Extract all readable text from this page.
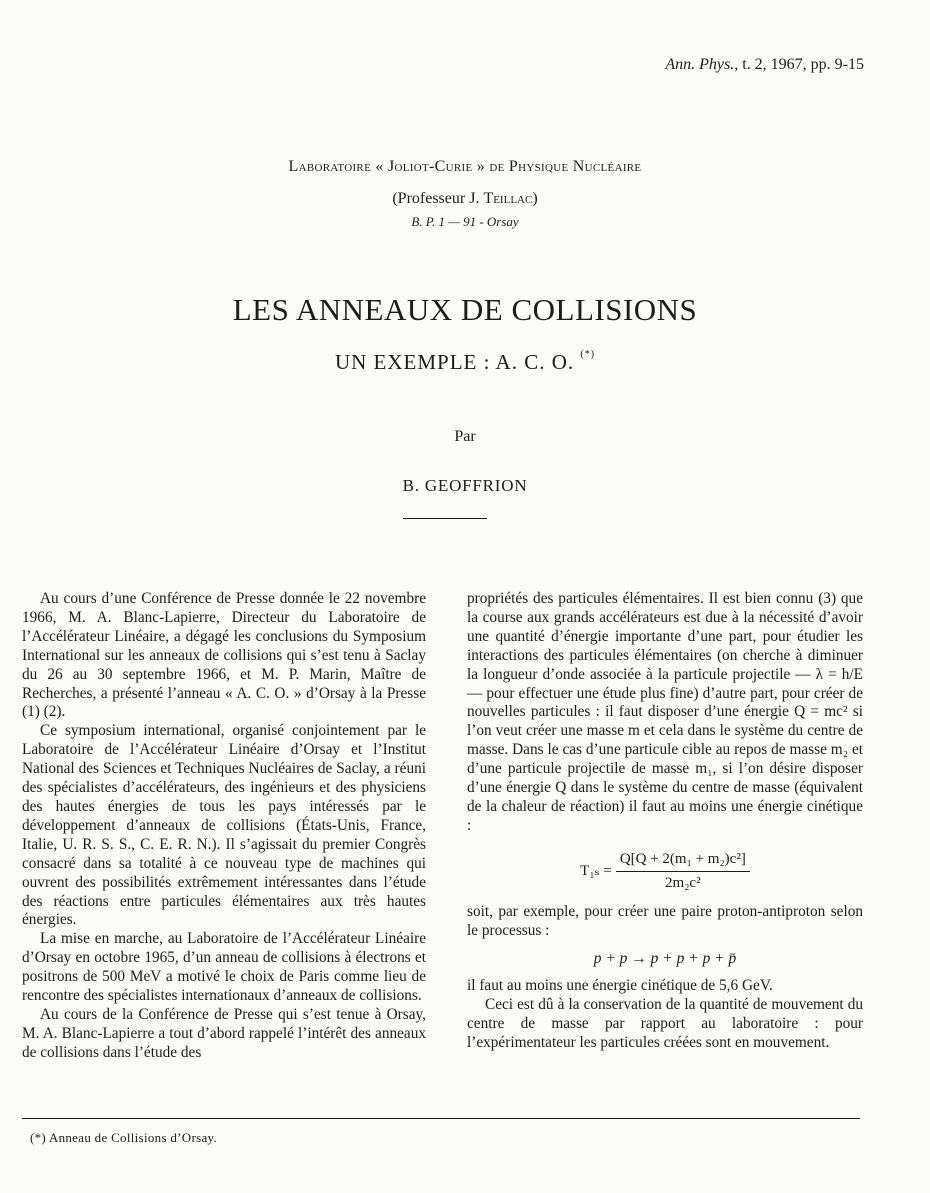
Ann. Phys., t. 2, 1967, pp. 9-15
Laboratoire « Joliot-Curie » de Physique Nucléaire
(Professeur J. Teillac)
B. P. 1 — 91 - Orsay
LES ANNEAUX DE COLLISIONS
UN EXEMPLE : A. C. O. (*)
Par
B. GEOFFRION

Au cours d’une Conférence de Presse donnée le 22 novembre 1966, M. A. Blanc-Lapierre, Directeur du Laboratoire de l’Accélérateur Linéaire, a dégagé les conclusions du Symposium International sur les anneaux de collisions qui s’est tenu à Saclay du 26 au 30 septembre 1966, et M. P. Marin, Maître de Recherches, a présenté l’anneau « A. C. O. » d’Orsay à la Presse (1) (2).

Ce symposium international, organisé conjointement par le Laboratoire de l’Accélérateur Linéaire d’Orsay et l’Institut National des Sciences et Techniques Nucléaires de Saclay, a réuni des spécialistes d’accélérateurs, des ingénieurs et des physiciens des hautes énergies de tous les pays intéressés par le développement d’anneaux de collisions (États-Unis, France, Italie, U. R. S. S., C. E. R. N.). Il s’agissait du premier Congrès consacré dans sa totalité à ce nouveau type de machines qui ouvrent des possibilités extrêmement intéressantes dans l’étude des réactions entre particules élémentaires aux très hautes énergies.

La mise en marche, au Laboratoire de l’Accélérateur Linéaire d’Orsay en octobre 1965, d’un anneau de collisions à électrons et positrons de 500 MeV a motivé le choix de Paris comme lieu de rencontre des spécialistes internationaux d’anneaux de collisions.

Au cours de la Conférence de Presse qui s’est tenue à Orsay, M. A. Blanc-Lapierre a tout d’abord rappelé l’intérêt des anneaux de collisions dans l’étude des

propriétés des particules élémentaires. Il est bien connu (3) que la course aux grands accélérateurs est due à la nécessité d’avoir une quantité d’énergie importante d’une part, pour étudier les interactions des particules élémentaires (on cherche à diminuer la longueur d’onde associée à la particule projectile — λ = h/E — pour effectuer une étude plus fine) d’autre part, pour créer de nouvelles particules : il faut disposer d’une énergie Q = mc² si l’on veut créer une masse m et cela dans le système du centre de masse. Dans le cas d’une particule cible au repos de masse m₂ et d’une particule projectile de masse m₁, si l’on désire disposer d’une énergie Q dans le système du centre de masse (équivalent de la chaleur de réaction) il faut au moins une énergie cinétique :

$T_{1s} = \frac{\text{Q[Q + 2(m₁ + m₂)c²]}}{\text{2m₂c²}}$

soit, par exemple, pour créer une paire proton-antiproton selon le processus :

p + p → p + p + p + p̄

il faut au moins une énergie cinétique de 5,6 GeV.

Ceci est dû à la conservation de la quantité de mouvement du centre de masse par rapport au laboratoire : pour l’expérimentateur les particules créées sont en mouvement.

(*) Anneau de Collisions d’Orsay.
